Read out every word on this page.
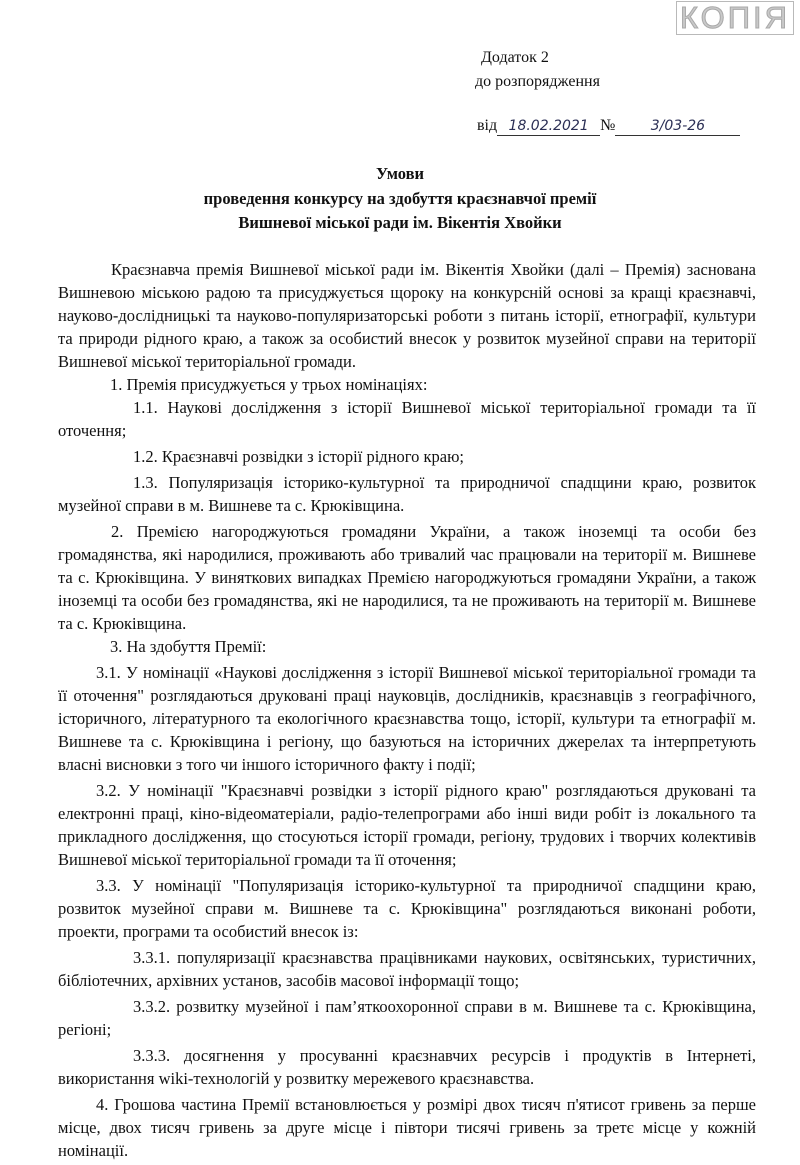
КОПІЯ
Додаток 2
до розпорядження
від 18.02.2021 №	3/03-26
Умови
проведення конкурсу на здобуття краєзнавчої премії
Вишневої міської ради ім. Вікентія Хвойки

Краєзнавча премія Вишневої міської ради ім. Вікентія Хвойки (далі – Премія) заснована Вишневою міською радою та присуджується щороку на конкурсній основі за кращі краєзнавчі, науково-дослідницькі та науково-популяризаторські роботи з питань історії, етнографії, культури та природи рідного краю, а також за особистий внесок у розвиток музейної справи на території Вишневої міської територіальної громади.

1. Премія присуджується у трьох номінаціях:

1.1. Наукові дослідження з історії Вишневої міської територіальної громади та її оточення;

1.2. Краєзнавчі розвідки з історії рідного краю;

1.3. Популяризація історико-культурної та природничої спадщини краю, розвиток музейної справи в м. Вишневе та с. Крюківщина.

2. Премією нагороджуються громадяни України, а також іноземці та особи без громадянства, які народилися, проживають або тривалий час працювали на території м. Вишневе та с. Крюківщина. У виняткових випадках Премією нагороджуються громадяни України, а також іноземці та особи без громадянства, які не народилися, та не проживають на території м. Вишневе та с. Крюківщина.

3. На здобуття Премії:

3.1. У номінації «Наукові дослідження з історії Вишневої міської територіальної громади та її оточення" розглядаються друковані праці науковців, дослідників, краєзнавців з географічного, історичного, літературного та екологічного краєзнавства тощо, історії, культури та етнографії м. Вишневе та с. Крюківщина і регіону, що базуються на історичних джерелах та інтерпретують власні висновки з того чи іншого історичного факту і події;

3.2. У номінації "Краєзнавчі розвідки з історії рідного краю" розглядаються друковані та електронні праці, кіно-відеоматеріали, радіо-телепрограми або інші види робіт із локального та прикладного дослідження, що стосуються історії громади, регіону, трудових і творчих колективів Вишневої міської територіальної громади та її оточення;

3.3. У номінації "Популяризація історико-культурної та природничої спадщини краю, розвиток музейної справи м. Вишневе та с. Крюківщина" розглядаються виконані роботи, проекти, програми та особистий внесок із:

3.3.1. популяризації краєзнавства працівниками наукових, освітянських, туристичних, бібліотечних, архівних установ, засобів масової інформації тощо;

3.3.2. розвитку музейної і пам’яткоохоронної справи в м. Вишневе та с. Крюківщина, регіоні;

3.3.3. досягнення у просуванні краєзнавчих ресурсів і продуктів в Інтернеті, використання wiki-технологій у розвитку мережевого краєзнавства.

4. Грошова частина Премії встановлюється у розмірі двох тисяч п'ятисот гривень за перше місце, двох тисяч гривень за друге місце і півтори тисячі гривень за третє місце у кожній номінації.
